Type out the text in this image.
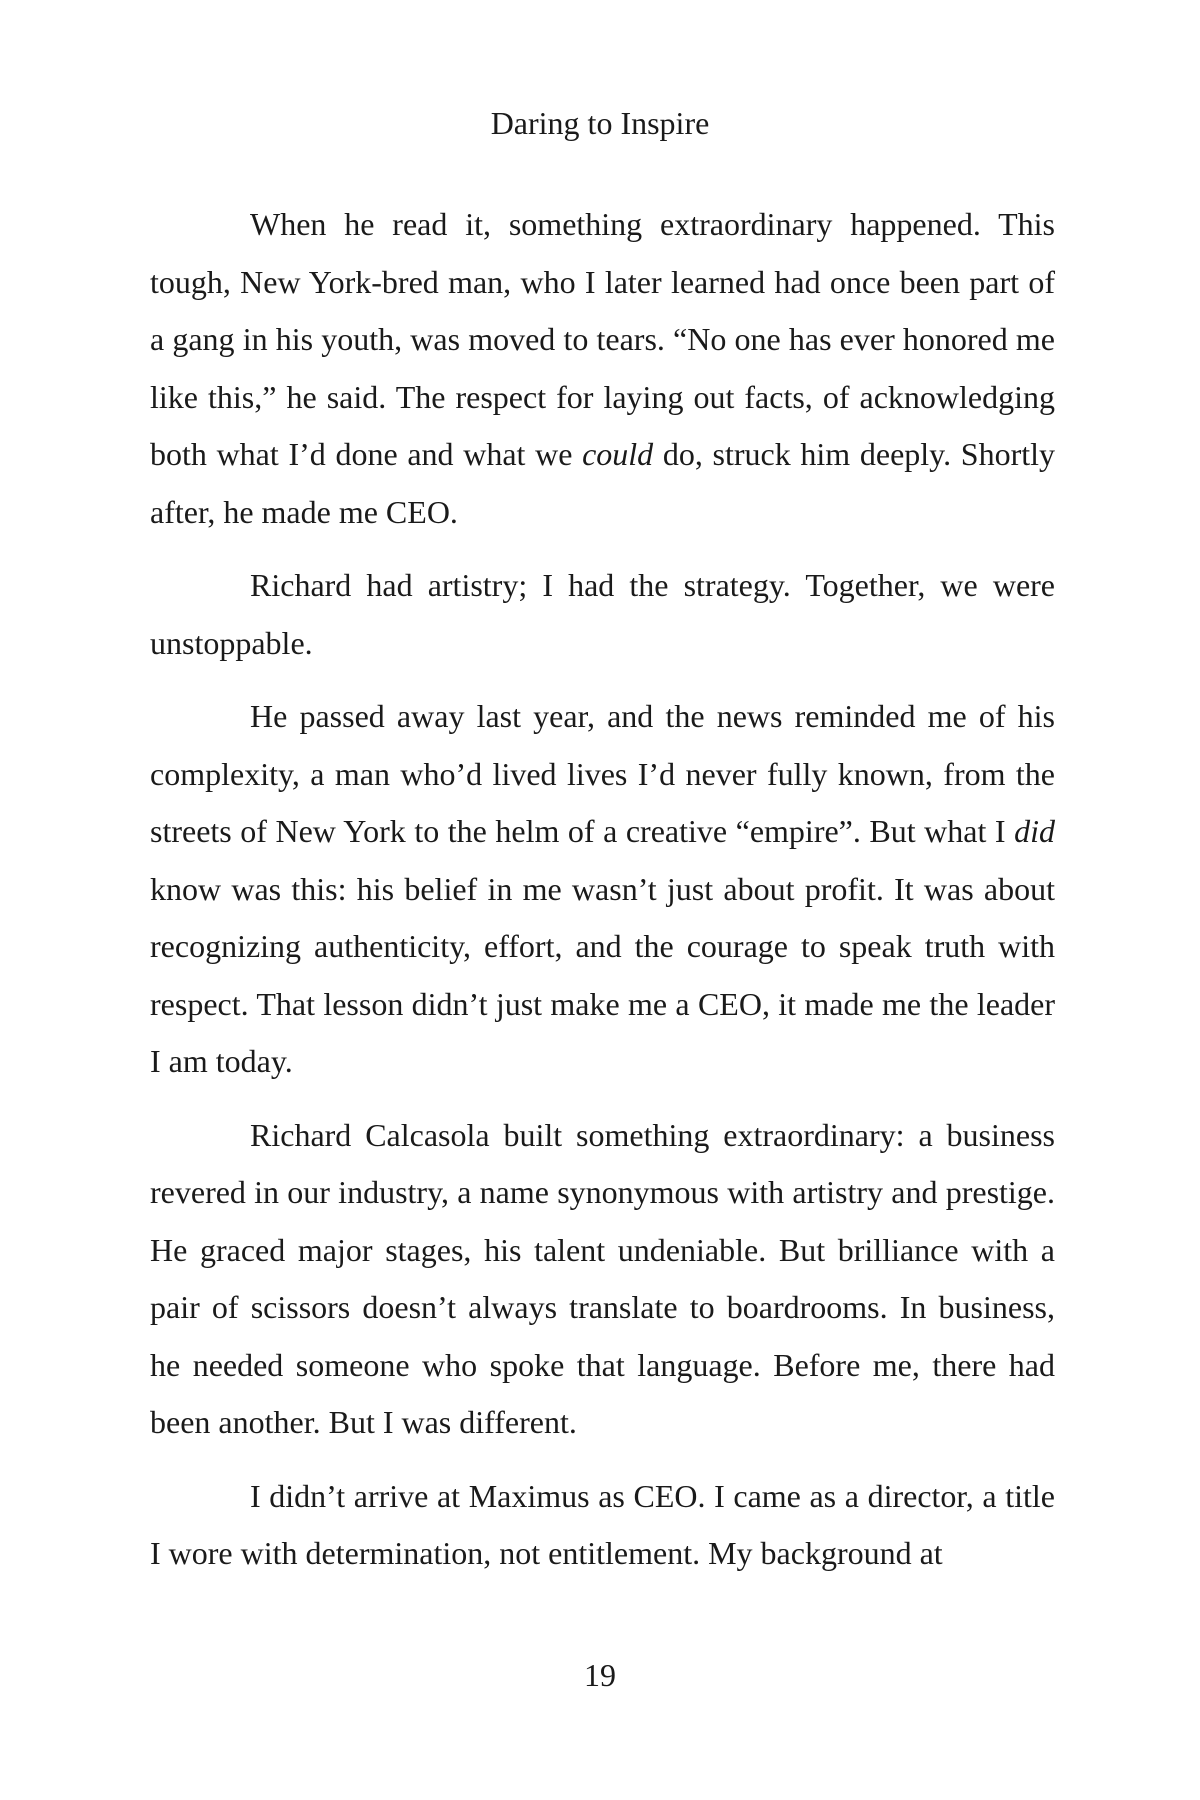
Daring to Inspire

When he read it, something extraordinary happened. This tough, New York-bred man, who I later learned had once been part of a gang in his youth, was moved to tears. “No one has ever honored me like this,” he said. The respect for laying out facts, of acknowledging both what I’d done and what we could do, struck him deeply. Shortly after, he made me CEO.

Richard had artistry; I had the strategy. Together, we were unstoppable.

He passed away last year, and the news reminded me of his complexity, a man who’d lived lives I’d never fully known, from the streets of New York to the helm of a creative “empire”. But what I did know was this: his belief in me wasn’t just about profit. It was about recognizing authenticity, effort, and the courage to speak truth with respect. That lesson didn’t just make me a CEO, it made me the leader I am today.

Richard Calcasola built something extraordinary: a business revered in our industry, a name synonymous with artistry and prestige. He graced major stages, his talent undeniable. But brilliance with a pair of scissors doesn’t always translate to boardrooms. In business, he needed someone who spoke that language. Before me, there had been another. But I was different.

I didn’t arrive at Maximus as CEO. I came as a director, a title I wore with determination, not entitlement. My background at

19
